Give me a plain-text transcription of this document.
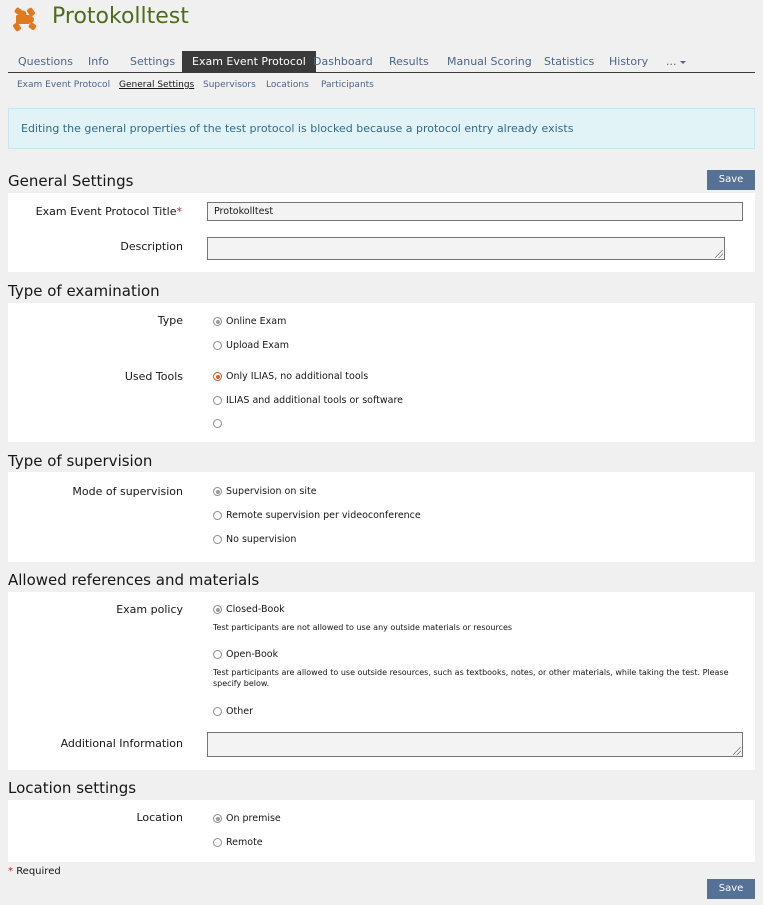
Protokolltest
Questions	Info	Settings	Exam Event Protocol Dashboard	Results	Manual Scoring	Statistics	History	...
Exam Event Protocol General Settings Supervisors Locations Participants
Editing the general properties of the test protocol is blocked because a protocol entry already exists
General Settings	Save
Exam Event Protocol Title*	Protokolltest
Description
Type of examination
Type	Online Exam
Upload Exam
Used Tools	Only ILIAS, no additional tools
ILIAS and additional tools or software
Type of supervision
Mode of supervision	Supervision on site
Remote supervision per videoconference
No supervision
Allowed references and materials
Exam policy	Closed-Book
Test participants are not allowed to use any outside materials or resources
Open-Book
Test participants are allowed to use outside resources, such as textbooks, notes, or other materials, while taking the test. Please specify below.
Other
Additional Information
Location settings
Location	On premise
Remote
* Required
Save
